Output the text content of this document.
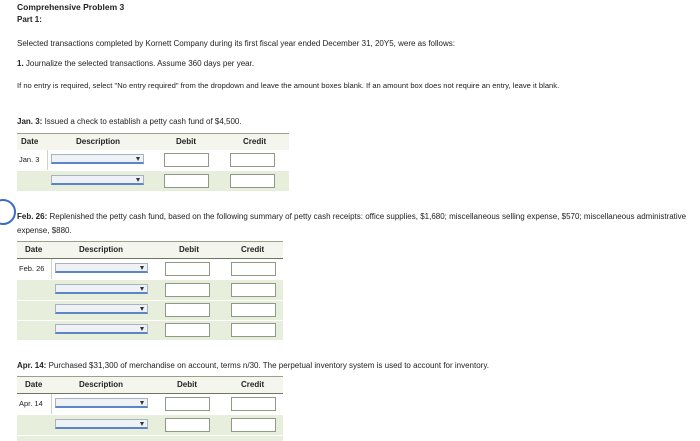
Comprehensive Problem 3
Part 1:
Selected transactions completed by Kornett Company during its first fiscal year ended December 31, 20Y5, were as follows:
1. Journalize the selected transactions. Assume 360 days per year.
If no entry is required, select "No entry required" from the dropdown and leave the amount boxes blank. If an amount box does not require an entry, leave it blank.
Jan. 3: Issued a check to establish a petty cash fund of $4,500.
Date	Description	Debit	Credit
Jan. 3
Feb. 26: Replenished the petty cash fund, based on the following summary of petty cash receipts: office supplies, $1,680; miscellaneous selling expense, $570; miscellaneous administrative expense, $880.
Date	Description	Debit	Credit
Feb. 26
Apr. 14: Purchased $31,300 of merchandise on account, terms n/30. The perpetual inventory system is used to account for inventory.
Date	Description	Debit	Credit
Apr. 14
